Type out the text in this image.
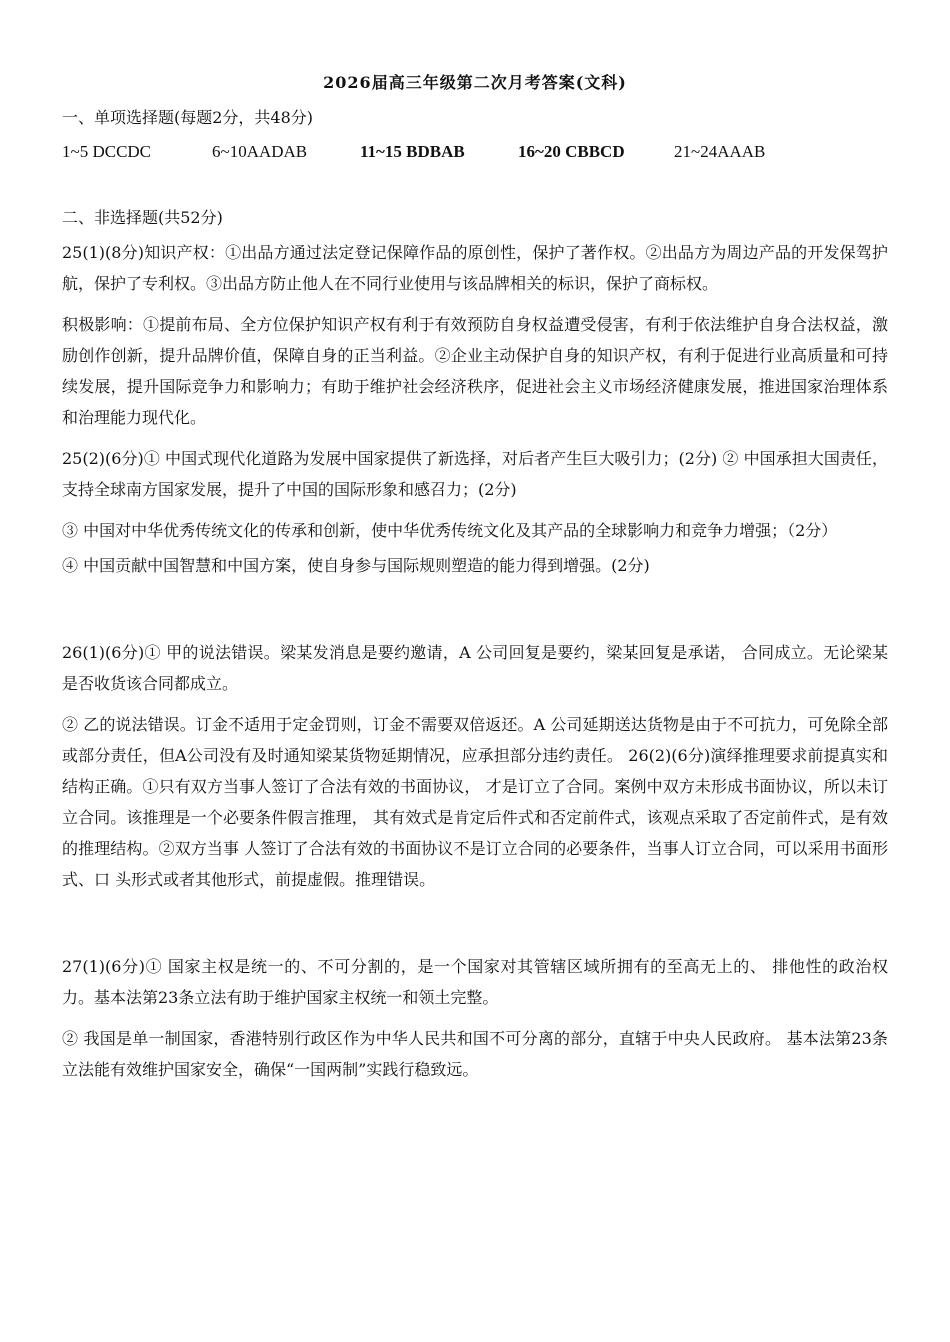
2026届高三年级第二次月考答案(文科)
一、单项选择题(每题2分，共48分)
1~5 DCCDC	6~10AADAB	11~15 BDBAB	16~20 CBBCD	21~24AAAB
二、非选择题(共52分)

25(1)(8分)知识产权：①出品方通过法定登记保障作品的原创性，保护了著作权。②出品方为周边产品的开发保驾护航，保护了专利权。③出品方防止他人在不同行业使用与该品牌相关的标识，保护了商标权。

积极影响：①提前布局、全方位保护知识产权有利于有效预防自身权益遭受侵害，有利于依法维护自身合法权益，激励创作创新，提升品牌价值，保障自身的正当利益。②企业主动保护自身的知识产权，有利于促进行业高质量和可持续发展，提升国际竞争力和影响力；有助于维护社会经济秩序，促进社会主义市场经济健康发展，推进国家治理体系和治理能力现代化。

25(2)(6分)① 中国式现代化道路为发展中国家提供了新选择，对后者产生巨大吸引力；(2分) ② 中国承担大国责任，支持全球南方国家发展，提升了中国的国际形象和感召力；(2分)

③ 中国对中华优秀传统文化的传承和创新，使中华优秀传统文化及其产品的全球影响力和竞争力增强；（2分）

④ 中国贡献中国智慧和中国方案，使自身参与国际规则塑造的能力得到增强。(2分)

26(1)(6分)① 甲的说法错误。梁某发消息是要约邀请，A 公司回复是要约，梁某回复是承诺， 合同成立。无论梁某是否收货该合同都成立。

② 乙的说法错误。订金不适用于定金罚则，订金不需要双倍返还。A 公司延期送达货物是由于不可抗力，可免除全部或部分责任，但A公司没有及时通知梁某货物延期情况，应承担部分违约责任。 26(2)(6分)演绎推理要求前提真实和结构正确。①只有双方当事人签订了合法有效的书面协议， 才是订立了合同。案例中双方未形成书面协议，所以未订立合同。该推理是一个必要条件假言推理， 其有效式是肯定后件式和否定前件式，该观点采取了否定前件式，是有效的推理结构。②双方当事 人签订了合法有效的书面协议不是订立合同的必要条件，当事人订立合同，可以采用书面形式、口 头形式或者其他形式，前提虚假。推理错误。

27(1)(6分)① 国家主权是统一的、不可分割的，是一个国家对其管辖区域所拥有的至高无上的、 排他性的政治权力。基本法第23条立法有助于维护国家主权统一和领土完整。

② 我国是单一制国家，香港特别行政区作为中华人民共和国不可分离的部分，直辖于中央人民政府。 基本法第23条立法能有效维护国家安全，确保“一国两制”实践行稳致远。
